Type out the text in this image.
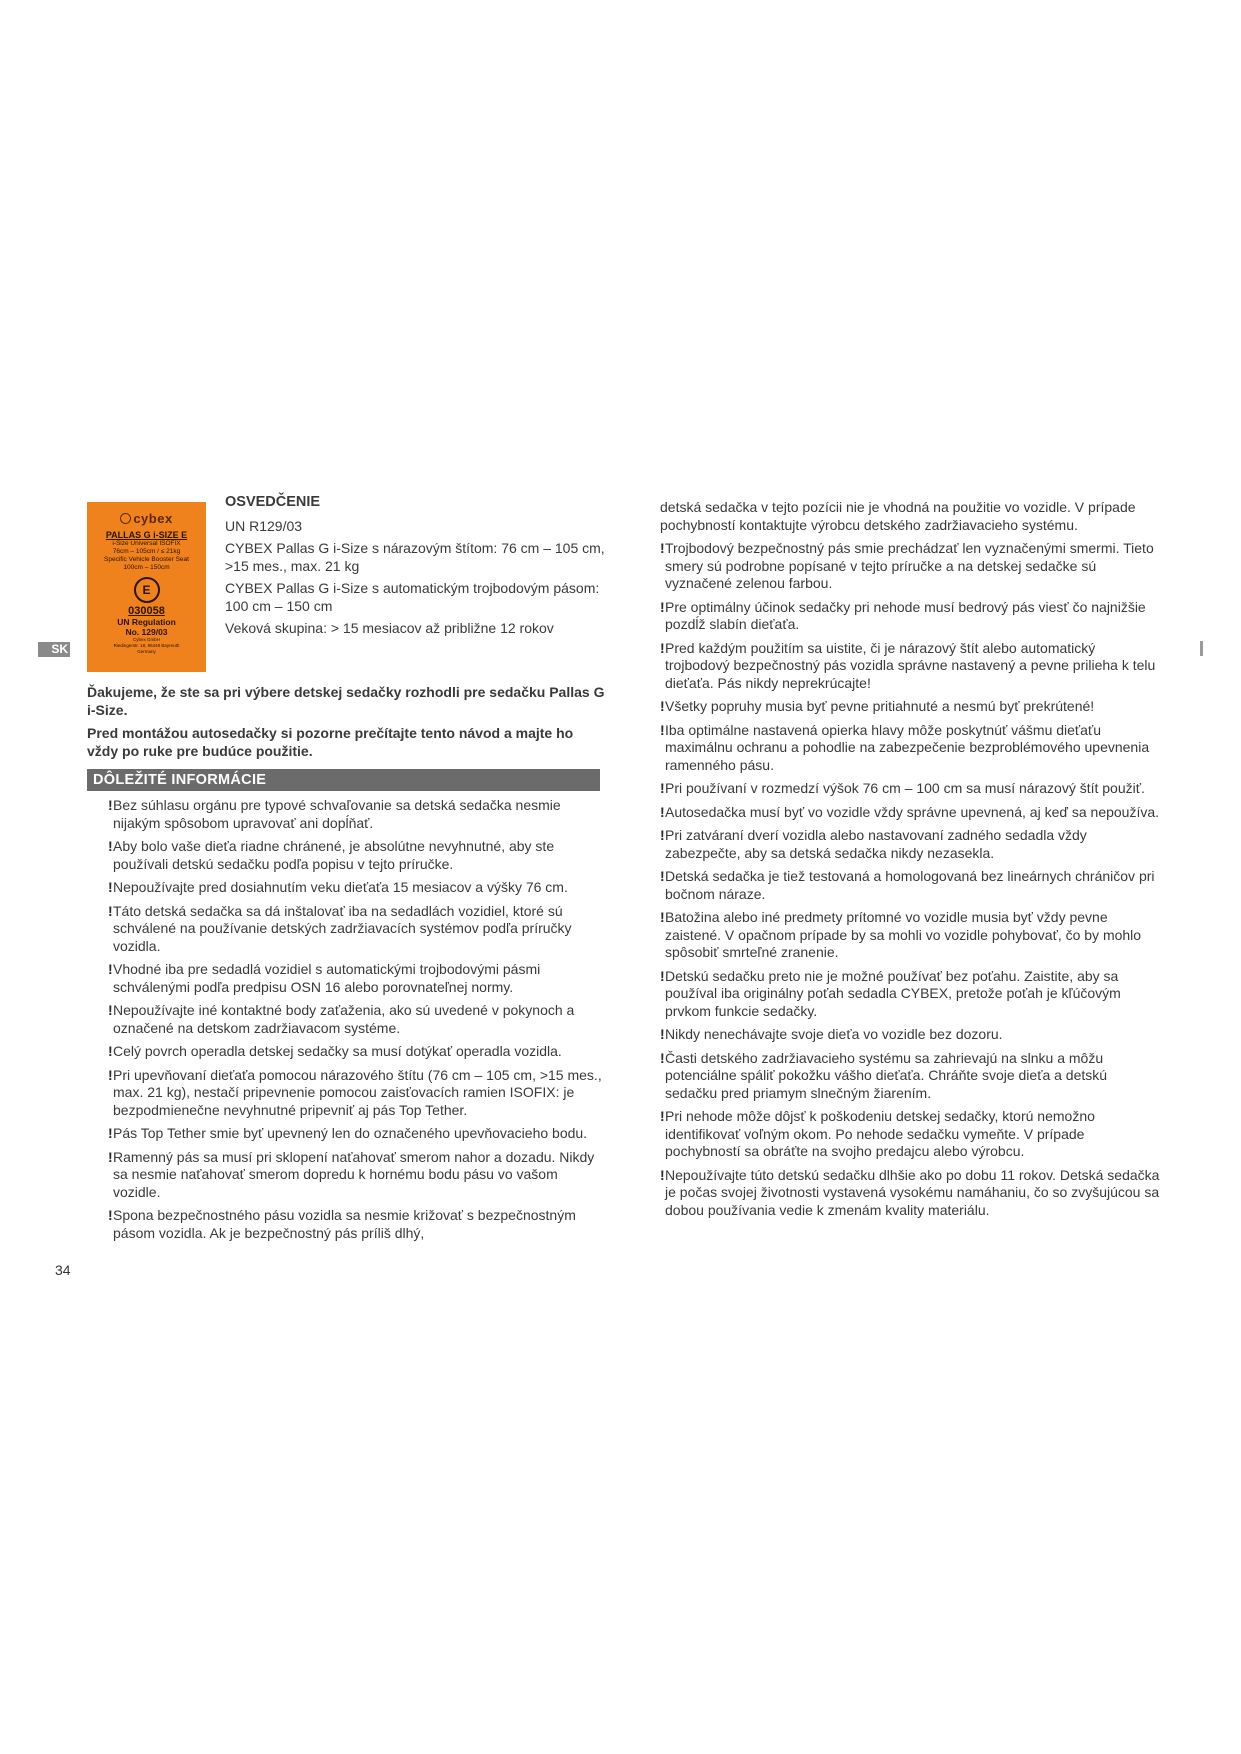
SK
cybex
PALLAS G i-SIZE E
i-Size Universal ISOFIX
76cm – 105cm / ≤ 21kg
Specific Vehicle Booster Seat
100cm – 150cm
E
030058
UN Regulation
No. 129/03
Cybex GmbH
Riedingerstr. 18, 95448 Bayreuth
Germany
OSVEDČENIE

UN R129/03

CYBEX Pallas G i-Size s nárazovým štítom: 76 cm – 105 cm, >15 mes., max. 21 kg

CYBEX Pallas G i-Size s automatickým trojbodovým pásom: 100 cm – 150 cm

Veková skupina: > 15 mesiacov až približne 12 rokov

Ďakujeme, že ste sa pri výbere detskej sedačky rozhodli pre sedačku Pallas G i-Size.

Pred montážou autosedačky si pozorne prečítajte tento návod a majte ho vždy po ruke pre budúce použitie.

DÔLEŽITÉ INFORMÁCIE
! Bez súhlasu orgánu pre typové schvaľovanie sa detská sedačka nesmie nijakým spôsobom upravovať ani dopĺňať.
! Aby bolo vaše dieťa riadne chránené, je absolútne nevyhnutné, aby ste používali detskú sedačku podľa popisu v tejto príručke.
! Nepoužívajte pred dosiahnutím veku dieťaťa 15 mesiacov a výšky 76 cm.
! Táto detská sedačka sa dá inštalovať iba na sedadlách vozidiel, ktoré sú schválené na používanie detských zadržiavacích systémov podľa príručky vozidla.
! Vhodné iba pre sedadlá vozidiel s automatickými trojbodovými pásmi schválenými podľa predpisu OSN 16 alebo porovnateľnej normy.
! Nepoužívajte iné kontaktné body zaťaženia, ako sú uvedené v pokynoch a označené na detskom zadržiavacom systéme.
! Celý povrch operadla detskej sedačky sa musí dotýkať operadla vozidla.
! Pri upevňovaní dieťaťa pomocou nárazového štítu (76 cm – 105 cm, >15 mes., max. 21 kg), nestačí pripevnenie pomocou zaisťovacích ramien ISOFIX: je bezpodmienečne nevyhnutné pripevniť aj pás Top Tether.
! Pás Top Tether smie byť upevnený len do označeného upevňovacieho bodu.
! Ramenný pás sa musí pri sklopení naťahovať smerom nahor a dozadu. Nikdy sa nesmie naťahovať smerom dopredu k hornému bodu pásu vo vašom vozidle.
! Spona bezpečnostného pásu vozidla sa nesmie križovať s bezpečnostným pásom vozidla. Ak je bezpečnostný pás príliš dlhý,
detská sedačka v tejto pozícii nie je vhodná na použitie vo vozidle. V prípade pochybností kontaktujte výrobcu detského zadržiavacieho systému.
! Trojbodový bezpečnostný pás smie prechádzať len vyznačenými smermi. Tieto smery sú podrobne popísané v tejto príručke a na detskej sedačke sú vyznačené zelenou farbou.
! Pre optimálny účinok sedačky pri nehode musí bedrový pás viesť čo najnižšie pozdĺž slabín dieťaťa.
! Pred každým použitím sa uistite, či je nárazový štít alebo automatický trojbodový bezpečnostný pás vozidla správne nastavený a pevne prilieha k telu dieťaťa. Pás nikdy neprekrúcajte!
! Všetky popruhy musia byť pevne pritiahnuté a nesmú byť prekrútené!
! Iba optimálne nastavená opierka hlavy môže poskytnúť vášmu dieťaťu maximálnu ochranu a pohodlie na zabezpečenie bezproblémového upevnenia ramenného pásu.
! Pri používaní v rozmedzí výšok 76 cm – 100 cm sa musí nárazový štít použiť.
! Autosedačka musí byť vo vozidle vždy správne upevnená, aj keď sa nepoužíva.
! Pri zatváraní dverí vozidla alebo nastavovaní zadného sedadla vždy zabezpečte, aby sa detská sedačka nikdy nezasekla.
! Detská sedačka je tiež testovaná a homologovaná bez lineárnych chráničov pri bočnom náraze.
! Batožina alebo iné predmety prítomné vo vozidle musia byť vždy pevne zaistené. V opačnom prípade by sa mohli vo vozidle pohybovať, čo by mohlo spôsobiť smrteľné zranenie.
! Detskú sedačku preto nie je možné používať bez poťahu. Zaistite, aby sa používal iba originálny poťah sedadla CYBEX, pretože poťah je kľúčovým prvkom funkcie sedačky.
! Nikdy nenechávajte svoje dieťa vo vozidle bez dozoru.
! Časti detského zadržiavacieho systému sa zahrievajú na slnku a môžu potenciálne spáliť pokožku vášho dieťaťa. Chráňte svoje dieťa a detskú sedačku pred priamym slnečným žiarením.
! Pri nehode môže dôjsť k poškodeniu detskej sedačky, ktorú nemožno identifikovať voľným okom. Po nehode sedačku vymeňte. V prípade pochybností sa obráťte na svojho predajcu alebo výrobcu.
! Nepoužívajte túto detskú sedačku dlhšie ako po dobu 11 rokov. Detská sedačka je počas svojej životnosti vystavená vysokému namáhaniu, čo so zvyšujúcou sa dobou používania vedie k zmenám kvality materiálu.
34
